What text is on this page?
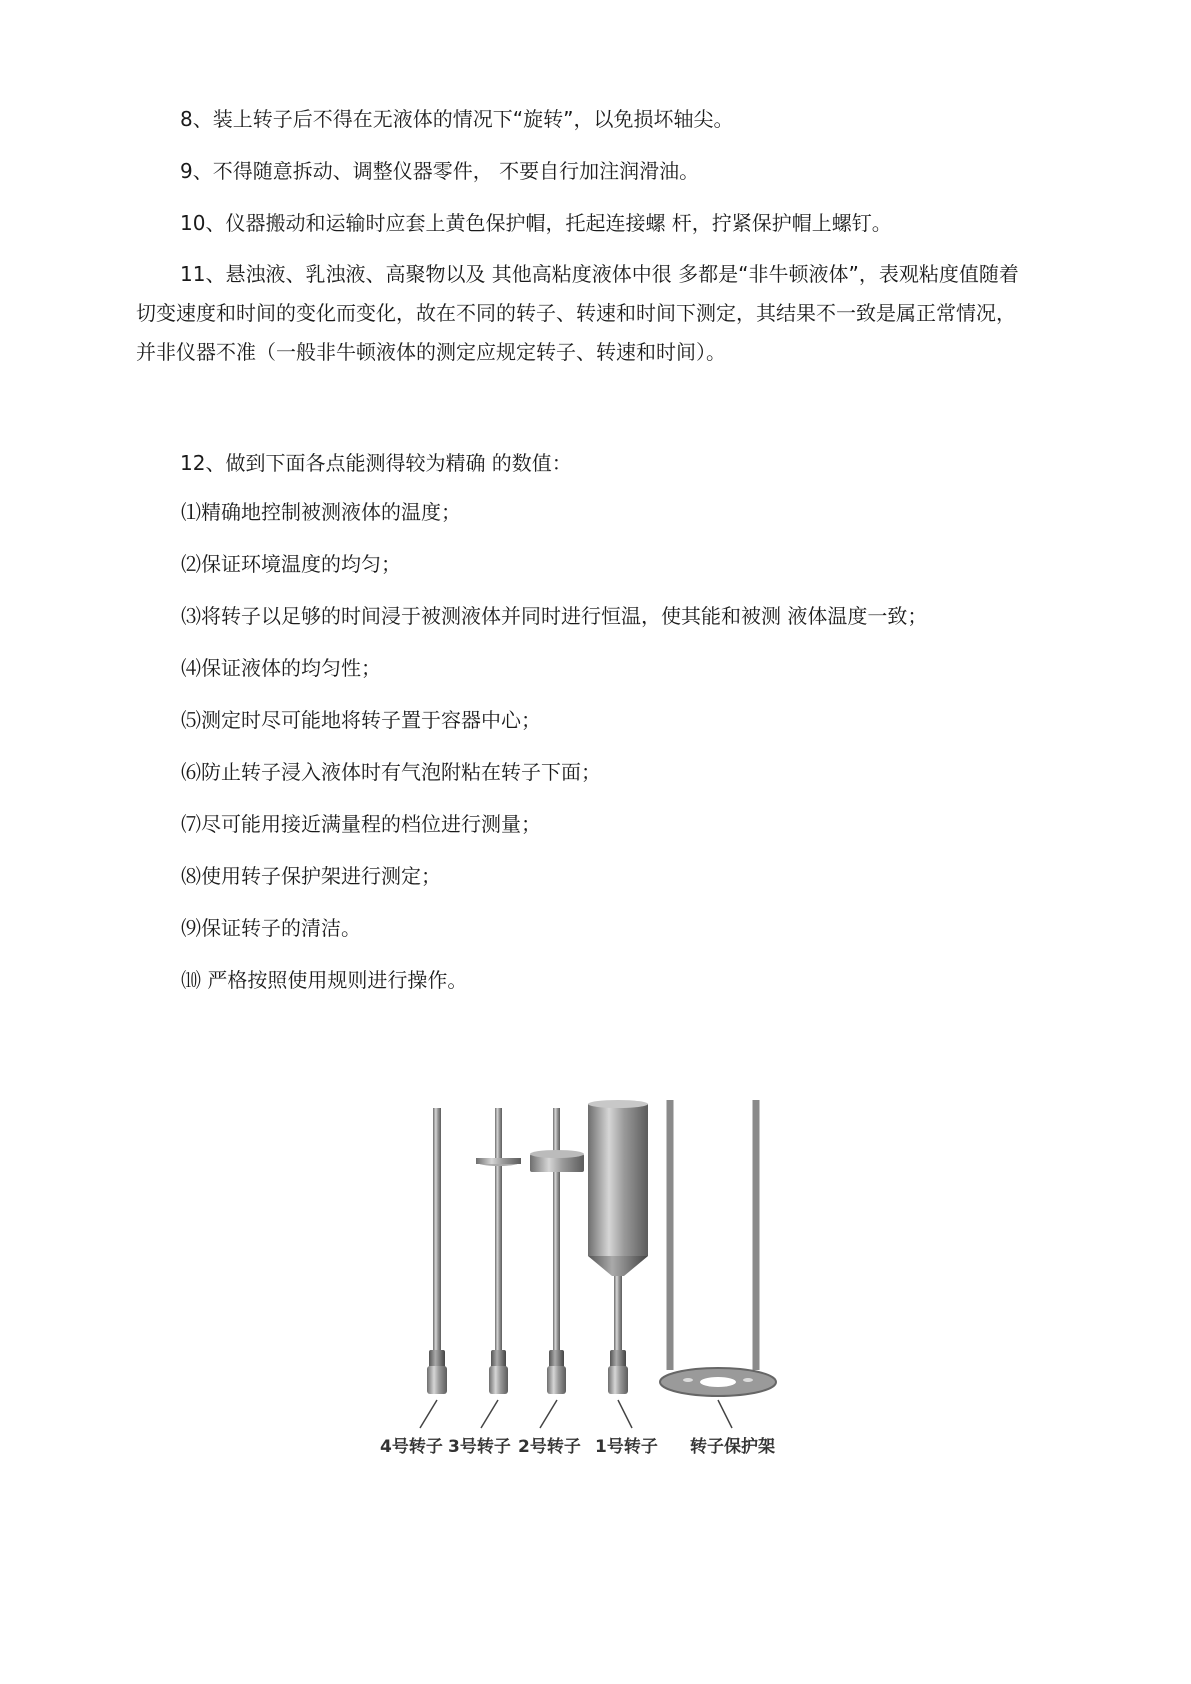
8、装上转子后不得在无液体的情况下“旋转”，以免损坏轴尖。

9、不得随意拆动、调整仪器零件， 不要自行加注润滑油。

10、仪器搬动和运输时应套上黄色保护帽，托起连接螺 杆，拧紧保护帽上螺钉。

11、悬浊液、乳浊液、高聚物以及 其他高粘度液体中很 多都是“非牛顿液体”，表观粘度值随着切变速度和时间的变化而变化，故在不同的转子、转速和时间下测定，其结果不一致是属正常情况，并非仪器不准（一般非牛顿液体的测定应规定转子、转速和时间）。

12、做到下面各点能测得较为精确 的数值：

⑴精确地控制被测液体的温度；

⑵保证环境温度的均匀；

⑶将转子以足够的时间浸于被测液体并同时进行恒温，使其能和被测 液体温度一致；

⑷保证液体的均匀性；

⑸测定时尽可能地将转子置于容器中心；

⑹防止转子浸入液体时有气泡附粘在转子下面；

⑺尽可能用接近满量程的档位进行测量；

⑻使用转子保护架进行测定；

⑼保证转子的清洁。

⑽ 严格按照使用规则进行操作。

4号转子 3号转子 2号转子 1号转子 转子保护架
